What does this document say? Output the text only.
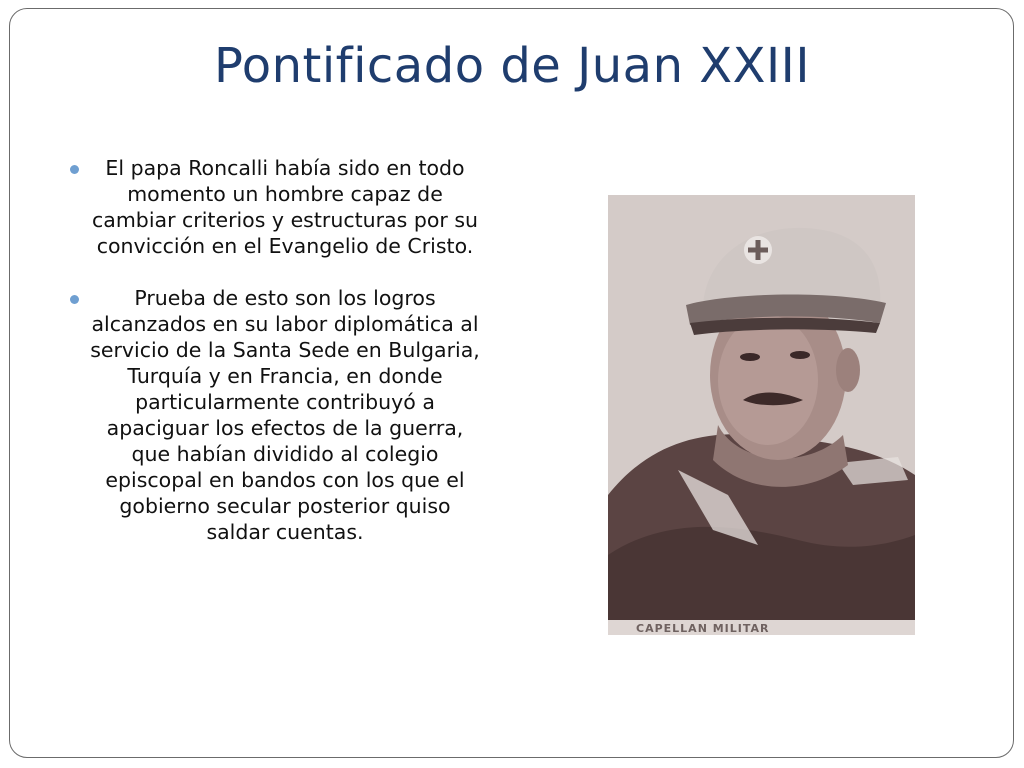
Pontificado de Juan XXIII
El papa Roncalli había sido en todo momento un hombre capaz de cambiar criterios y estructuras por su convicción en el Evangelio de Cristo.
Prueba de esto son los logros alcanzados en su labor diplomática al servicio de la Santa Sede en Bulgaria, Turquía y en Francia, en donde particularmente contribuyó a apaciguar los efectos de la guerra, que habían dividido al colegio episcopal en bandos con los que el gobierno secular posterior quiso saldar cuentas.
CAPELLAN MILITAR
